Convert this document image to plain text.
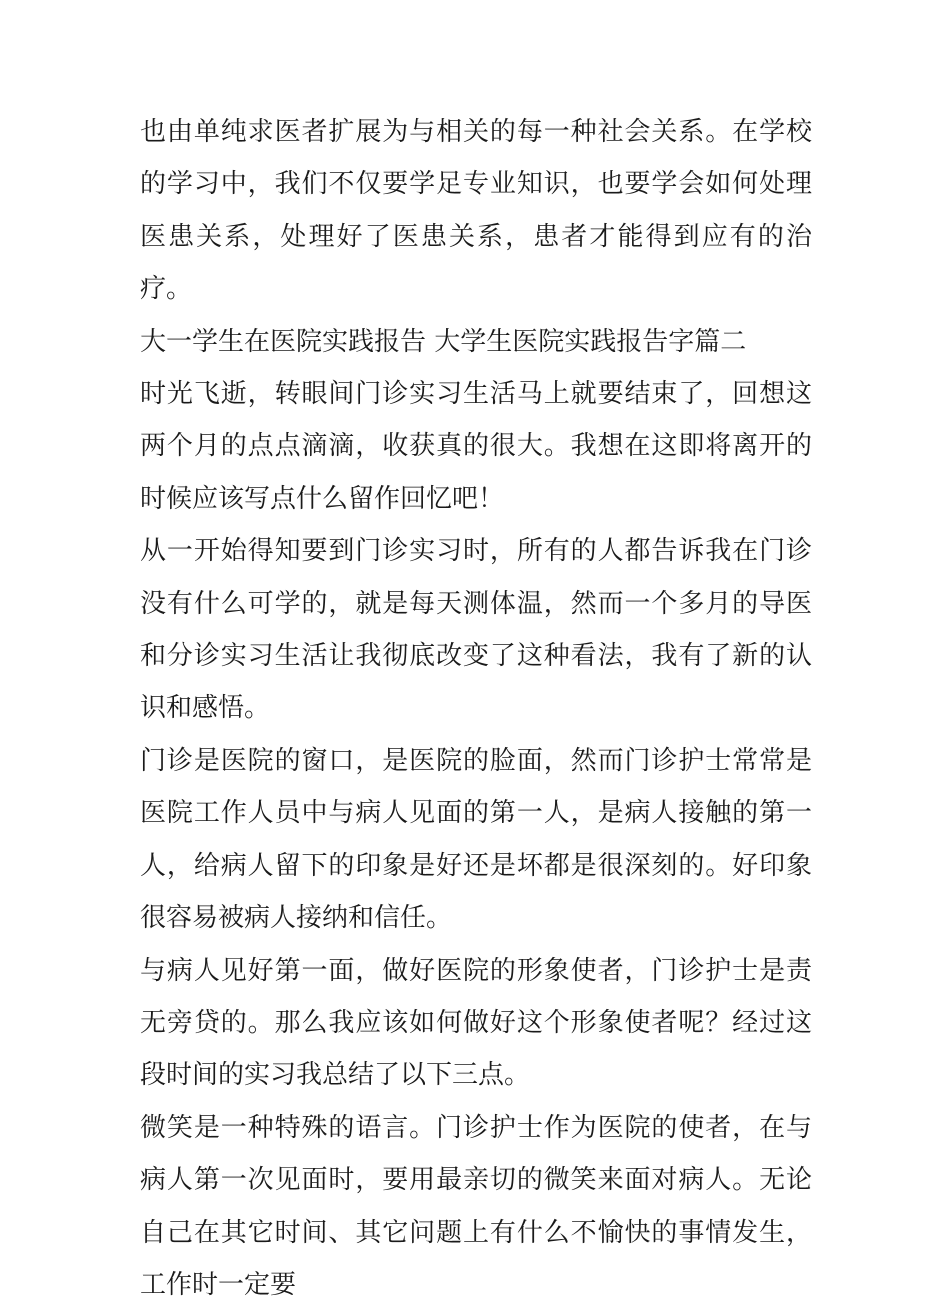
也由单纯求医者扩展为与相关的每一种社会关系。在学校的学习中，我们不仅要学足专业知识，也要学会如何处理医患关系，处理好了医患关系，患者才能得到应有的治疗。

大一学生在医院实践报告 大学生医院实践报告字篇二

时光飞逝，转眼间门诊实习生活马上就要结束了，回想这两个月的点点滴滴，收获真的很大。我想在这即将离开的时候应该写点什么留作回忆吧！

从一开始得知要到门诊实习时，所有的人都告诉我在门诊没有什么可学的，就是每天测体温，然而一个多月的导医和分诊实习生活让我彻底改变了这种看法，我有了新的认识和感悟。

门诊是医院的窗口，是医院的脸面，然而门诊护士常常是医院工作人员中与病人见面的第一人，是病人接触的第一人，给病人留下的印象是好还是坏都是很深刻的。好印象很容易被病人接纳和信任。

与病人见好第一面，做好医院的形象使者，门诊护士是责无旁贷的。那么我应该如何做好这个形象使者呢？经过这段时间的实习我总结了以下三点。

微笑是一种特殊的语言。门诊护士作为医院的使者，在与病人第一次见面时，要用最亲切的微笑来面对病人。无论自己在其它时间、其它问题上有什么不愉快的事情发生，工作时一定要
